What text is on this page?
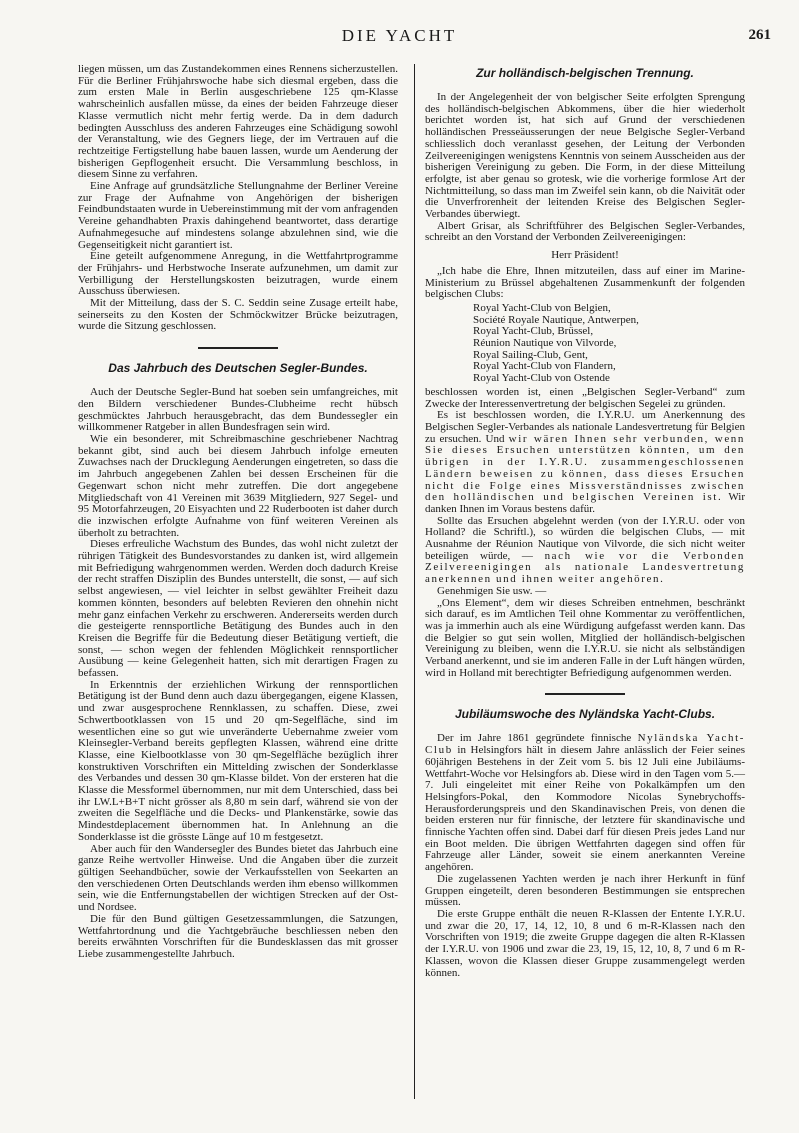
DIE YACHT	261

liegen müssen, um das Zustandekommen eines Rennens sicherzustellen. Für die Berliner Frühjahrswoche habe sich diesmal ergeben, dass die zum ersten Male in Berlin ausgeschriebene 125 qm-Klasse wahrscheinlich ausfallen müsse, da eines der beiden Fahrzeuge dieser Klasse vermutlich nicht mehr fertig werde. Da in dem dadurch bedingten Ausschluss des anderen Fahrzeuges eine Schädigung sowohl der Veranstaltung, wie des Gegners liege, der im Vertrauen auf die rechtzeitige Fertigstellung habe bauen lassen, wurde um Aenderung der bisherigen Gepflogenheit ersucht. Die Versammlung beschloss, in diesem Sinne zu verfahren.

Eine Anfrage auf grundsätzliche Stellungnahme der Berliner Vereine zur Frage der Aufnahme von Angehörigen der bisherigen Feindbundstaaten wurde in Uebereinstimmung mit der vom anfragenden Vereine gehandhabten Praxis dahingehend beantwortet, dass derartige Aufnahmegesuche auf mindestens solange abzulehnen sind, wie die Gegenseitigkeit nicht garantiert ist.

Eine geteilt aufgenommene Anregung, in die Wettfahrtprogramme der Frühjahrs- und Herbstwoche Inserate aufzunehmen, um damit zur Verbilligung der Herstellungskosten beizutragen, wurde einem Ausschuss überwiesen.

Mit der Mitteilung, dass der S. C. Seddin seine Zusage erteilt habe, seinerseits zu den Kosten der Schmöckwitzer Brücke beizutragen, wurde die Sitzung geschlossen.

Das Jahrbuch des Deutschen Segler-Bundes.

Auch der Deutsche Segler-Bund hat soeben sein umfangreiches, mit den Bildern verschiedener Bundes-Clubheime recht hübsch geschmücktes Jahrbuch herausgebracht, das dem Bundessegler ein willkommener Ratgeber in allen Bundesfragen sein wird.

Wie ein besonderer, mit Schreibmaschine geschriebener Nachtrag bekannt gibt, sind auch bei diesem Jahrbuch infolge erneuten Zuwachses nach der Drucklegung Aenderungen eingetreten, so dass die im Jahrbuch angegebenen Zahlen bei dessen Erscheinen für die Gegenwart schon nicht mehr zutreffen. Die dort angegebene Mitgliedschaft von 41 Vereinen mit 3639 Mitgliedern, 927 Segel- und 95 Motorfahrzeugen, 20 Eisyachten und 22 Ruderbooten ist daher durch die inzwischen erfolgte Aufnahme von fünf weiteren Vereinen als überholt zu betrachten.

Dieses erfreuliche Wachstum des Bundes, das wohl nicht zuletzt der rührigen Tätigkeit des Bundesvorstandes zu danken ist, wird allgemein mit Befriedigung wahrgenommen werden. Werden doch dadurch Kreise der recht straffen Disziplin des Bundes unterstellt, die sonst, — auf sich selbst angewiesen, — viel leichter in selbst gewählter Freiheit dazu kommen könnten, besonders auf belebten Revieren den ohnehin nicht mehr ganz einfachen Verkehr zu erschweren. Andererseits werden durch die gesteigerte rennsportliche Betätigung des Bundes auch in den Kreisen die Begriffe für die Bedeutung dieser Betätigung vertieft, die sonst, — schon wegen der fehlenden Möglichkeit rennsportlicher Ausübung — keine Gelegenheit hatten, sich mit derartigen Fragen zu befassen.

In Erkenntnis der erziehlichen Wirkung der rennsportlichen Betätigung ist der Bund denn auch dazu übergegangen, eigene Klassen, und zwar ausgesprochene Rennklassen, zu schaffen. Diese, zwei Schwertbootklassen von 15 und 20 qm-Segelfläche, sind im wesentlichen eine so gut wie unveränderte Uebernahme zweier vom Kleinsegler-Verband bereits gepflegten Klassen, während eine dritte Klasse, eine Kielbootklasse von 30 qm-Segelfläche bezüglich ihrer konstruktiven Vorschriften ein Mittelding zwischen der Sonderklasse des Verbandes und dessen 30 qm-Klasse bildet. Von der ersteren hat die Klasse die Messformel übernommen, nur mit dem Unterschied, dass bei ihr LW.L+B+T nicht grösser als 8,80 m sein darf, während sie von der zweiten die Segelfläche und die Decks- und Plankenstärke, sowie das Mindestdeplacement übernommen hat. In Anlehnung an die Sonderklasse ist die grösste Länge auf 10 m festgesetzt.

Aber auch für den Wandersegler des Bundes bietet das Jahrbuch eine ganze Reihe wertvoller Hinweise. Und die Angaben über die zurzeit gültigen Seehandbücher, sowie der Verkaufsstellen von Seekarten an den verschiedenen Orten Deutschlands werden ihm ebenso willkommen sein, wie die Entfernungstabellen der wichtigen Strecken auf der Ost- und Nordsee.

Die für den Bund gültigen Gesetzessammlungen, die Satzungen, Wettfahrtordnung und die Yachtgebräuche beschliessen neben den bereits erwähnten Vorschriften für die Bundesklassen das mit grosser Liebe zusammengestellte Jahrbuch.

Zur holländisch-belgischen Trennung.

In der Angelegenheit der von belgischer Seite erfolgten Sprengung des holländisch-belgischen Abkommens, über die hier wiederholt berichtet worden ist, hat sich auf Grund der verschiedenen holländischen Presseäusserungen der neue Belgische Segler-Verband schliesslich doch veranlasst gesehen, der Leitung der Verbonden Zeilvereenigingen wenigstens Kenntnis von seinem Ausscheiden aus der bisherigen Vereinigung zu geben. Die Form, in der diese Mitteilung erfolgte, ist aber genau so grotesk, wie die vorherige formlose Art der Nichtmitteilung, so dass man im Zweifel sein kann, ob die Naivität oder die Unverfrorenheit der leitenden Kreise des Belgischen Segler-Verbandes überwiegt.

Albert Grisar, als Schriftführer des Belgischen Segler-Verbandes, schreibt an den Vorstand der Verbonden Zeilvereenigingen:

Herr Präsident!

„Ich habe die Ehre, Ihnen mitzuteilen, dass auf einer im Marine-Ministerium zu Brüssel abgehaltenen Zusammenkunft der folgenden belgischen Clubs:

Royal Yacht-Club von Belgien,
Société Royale Nautique, Antwerpen,
Royal Yacht-Club, Brüssel,
Réunion Nautique von Vilvorde,
Royal Sailing-Club, Gent,
Royal Yacht-Club von Flandern,
Royal Yacht-Club von Ostende

beschlossen worden ist, einen „Belgischen Segler-Verband“ zum Zwecke der Interessenvertretung der belgischen Segelei zu gründen.

Es ist beschlossen worden, die I.Y.R.U. um Anerkennung des Belgischen Segler-Verbandes als nationale Landesvertretung für Belgien zu ersuchen. Und wir wären Ihnen sehr verbunden, wenn Sie dieses Ersuchen unterstützen könnten, um den übrigen in der I.Y.R.U. zusammengeschlossenen Ländern beweisen zu können, dass dieses Ersuchen nicht die Folge eines Missverständnisses zwischen den holländischen und belgischen Vereinen ist. Wir danken Ihnen im Voraus bestens dafür.

Sollte das Ersuchen abgelehnt werden (von der I.Y.R.U. oder von Holland? die Schriftl.), so würden die belgischen Clubs, — mit Ausnahme der Réunion Nautique von Vilvorde, die sich nicht weiter beteiligen würde, — nach wie vor die Verbonden Zeilvereenigingen als nationale Landesvertretung anerkennen und ihnen weiter angehören.

Genehmigen Sie usw. —

„Ons Element“, dem wir dieses Schreiben entnehmen, beschränkt sich darauf, es im Amtlichen Teil ohne Kommentar zu veröffentlichen, was ja immerhin auch als eine Würdigung aufgefasst werden kann. Das die Belgier so gut sein wollen, Mitglied der holländisch-belgischen Vereinigung zu bleiben, wenn die I.Y.R.U. sie nicht als selbständigen Verband anerkennt, und sie im anderen Falle in der Luft hängen würden, wird in Holland mit berechtigter Befriedigung aufgenommen werden.

Jubiläumswoche des Nyländska Yacht-Clubs.

Der im Jahre 1861 gegründete finnische Nyländska Yacht-Club in Helsingfors hält in diesem Jahre anlässlich der Feier seines 60jährigen Bestehens in der Zeit vom 5. bis 12 Juli eine Jubiläums-Wettfahrt-Woche vor Helsingfors ab. Diese wird in den Tagen vom 5.—7. Juli eingeleitet mit einer Reihe von Pokalkämpfen um den Helsingfors-Pokal, den Kommodore Nicolas Synebrychoffs-Herausforderungspreis und den Skandinavischen Preis, von denen die beiden ersteren nur für finnische, der letztere für skandinavische und finnische Yachten offen sind. Dabei darf für diesen Preis jedes Land nur ein Boot melden. Die übrigen Wettfahrten dagegen sind offen für Fahrzeuge aller Länder, soweit sie einem anerkannten Vereine angehören.

Die zugelassenen Yachten werden je nach ihrer Herkunft in fünf Gruppen eingeteilt, deren besonderen Bestimmungen sie entsprechen müssen.

Die erste Gruppe enthält die neuen R-Klassen der Entente I.Y.R.U. und zwar die 20, 17, 14, 12, 10, 8 und 6 m-R-Klassen nach den Vorschriften von 1919; die zweite Gruppe dagegen die alten R-Klassen der I.Y.R.U. von 1906 und zwar die 23, 19, 15, 12, 10, 8, 7 und 6 m R-Klassen, wovon die Klassen dieser Gruppe zusammengelegt werden können.
